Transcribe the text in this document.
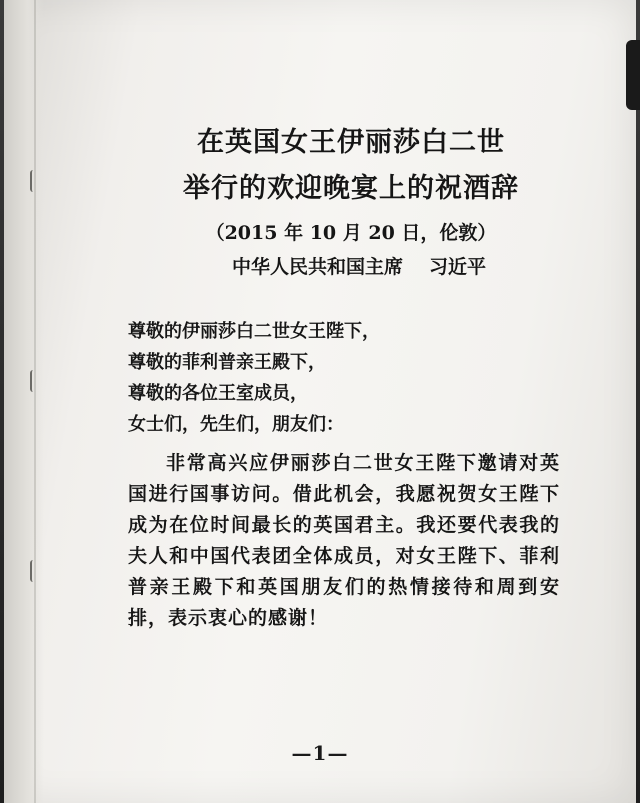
在英国女王伊丽莎白二世

举行的欢迎晚宴上的祝酒辞

（2015 年 10 月 20 日，伦敦）
中华人民共和国主席 习近平

尊敬的伊丽莎白二世女王陛下，

尊敬的菲利普亲王殿下，

尊敬的各位王室成员，

女士们，先生们，朋友们：

非常高兴应伊丽莎白二世女王陛下邀请对英国进行国事访问。借此机会，我愿祝贺女王陛下成为在位时间最长的英国君主。我还要代表我的夫人和中国代表团全体成员，对女王陛下、菲利普亲王殿下和英国朋友们的热情接待和周到安排，表示衷心的感谢！
—1—
